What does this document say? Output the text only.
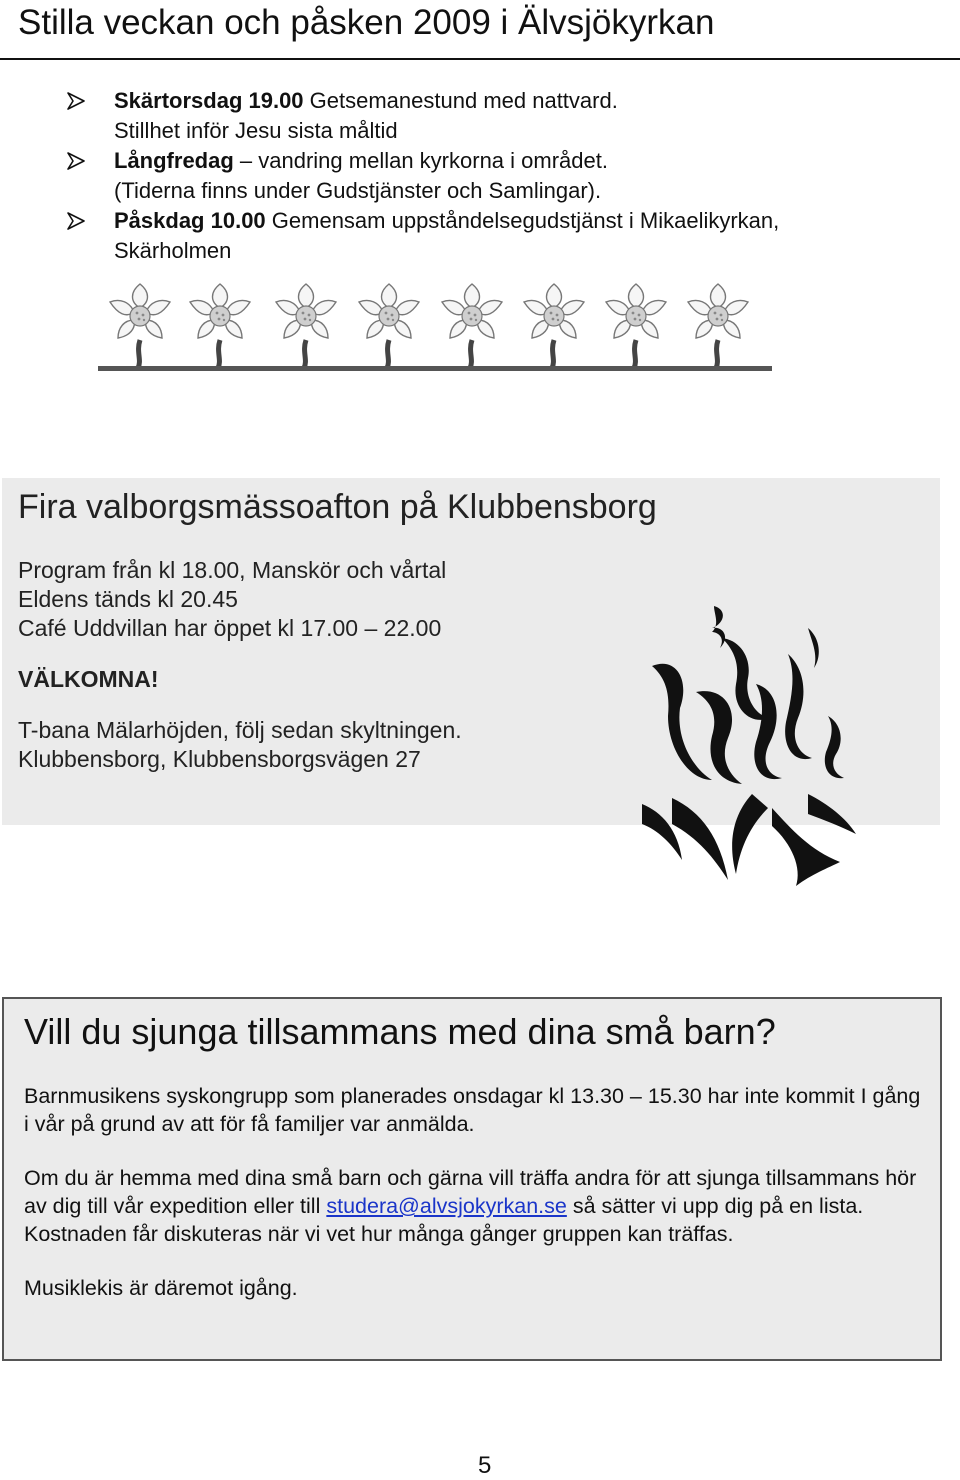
Stilla veckan och påsken 2009 i Älvsjökyrkan
Skärtorsdag 19.00 Getsemanestund med nattvard.
Stillhet inför Jesu sista måltid
Långfredag – vandring mellan kyrkorna i området.
(Tiderna finns under Gudstjänster och Samlingar).
Påskdag 10.00 Gemensam uppståndelsegudstjänst i Mikaelikyrkan,
Skärholmen
Fira valborgsmässoafton på Klubbensborg
Program från kl 18.00, Manskör och vårtal
Eldens tänds kl 20.45
Café Uddvillan har öppet kl 17.00 – 22.00
VÄLKOMNA!
T-bana Mälarhöjden, följ sedan skyltningen.
Klubbensborg, Klubbensborgsvägen 27
Vill du sjunga tillsammans med dina små barn?

Barnmusikens syskongrupp som planerades onsdagar kl 13.30 – 15.30 har inte kommit I gång i vår på grund av att för få familjer var anmälda.

Om du är hemma med dina små barn och gärna vill träffa andra för att sjunga tillsammans hör av dig till vår expedition eller till studera@alvsjokyrkan.se så sätter vi upp dig på en lista. Kostnaden får diskuteras när vi vet hur många gånger gruppen kan träffas.

Musiklekis är däremot igång.

5
